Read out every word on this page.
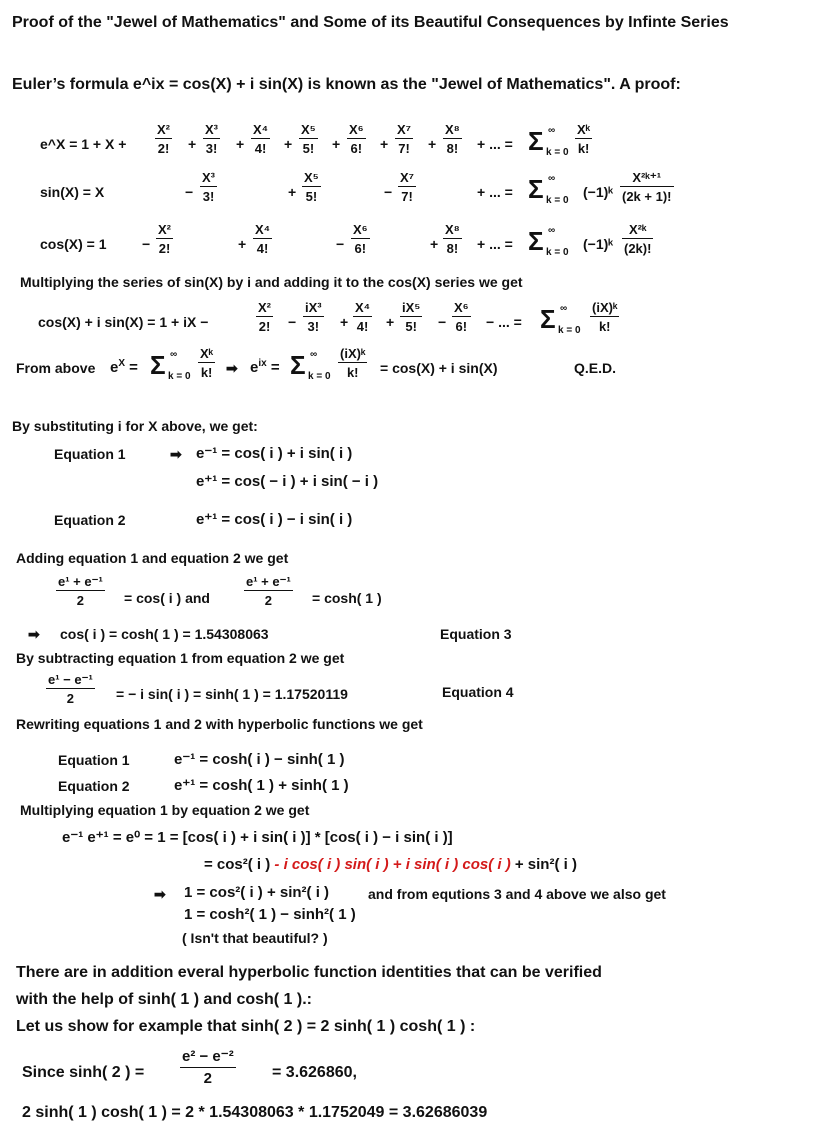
Proof of the "Jewel of Mathematics" and Some of its Beautiful Consequences by Infinte Series
Euler’s formula e^ix = cos(X) + i sin(X) is known as the "Jewel of Mathematics". A proof:
e^X = $1 + X + \frac{\text{X²}}{2!} + \frac{\text{X³}}{3!} + \frac{\text{X⁴}}{4!} + \frac{\text{X⁵}}{5!} + \frac{\text{X⁶}}{6!} + \frac{\text{X⁷}}{7!} + \frac{\text{X⁸}}{8!}$ + ... = Σ ∞
$k = 0 \frac{\text{Xᵏ}}{k!}$
sin(X) = X	− $\frac{\text{X³}}{3!}$	+ $\frac{\text{X⁵}}{5!}$	− $\frac{\text{X⁷}}{7!}$	+ ... = Σ ∞
k = 0
(−1)ᵏ $\frac{\text{X²ᵏ⁺¹}}{(2k + 1)!}$
cos(X) = 1	− $\frac{\text{X²}}{2!}$	+ $\frac{\text{X⁴}}{4!}$	− $\frac{\text{X⁶}}{6!}$	+ $\frac{\text{X⁸}}{8!}$ + ... = Σ ∞
k = 0
(−1)ᵏ $\frac{\text{X²ᵏ}}{(2k)!}$
Multiplying the series of sin(X) by i and adding it to the cos(X) series we get
cos(X) + i sin(X) = 1 + iX −	$\frac{\text{X²}}{2!} - \frac{\text{iX³}}{3!} + \frac{\text{X⁴}}{4!} + \frac{\text{iX⁵}}{5!} - \frac{\text{X⁶}}{6!}$ − ... = Σ ∞
$k = 0 \frac{\text{(iX)ᵏ}}{k!}$
From above $e^X = \Sigma$ ∞
$k = 0 \frac{\text{Xᵏ}}{k!}$ ➡ $e^{ix} = \Sigma$ ∞
$k = 0 \frac{\text{(iX)ᵏ}}{k!} = \cos(X) + i$ sin(X)	Q.E.D.
By substituting i for X above, we get:
Equation 1	➡ e⁻¹ = cos( i ) + i sin( i )
e⁺¹ = cos( − i ) + i sin( − i )
Equation 2	e⁺¹ = cos( i ) − i sin( i )
Adding equation 1 and equation 2 we get
$\frac{\text{e¹ + e⁻¹}}{2} = \cos$( i ) and	$\frac{\text{e¹ + e⁻¹}}{2} = \cosh$( 1 )
➡ cos( i ) = cosh( 1 ) = 1.54308063	Equation 3
By subtracting equation 1 from equation 2 we get
$\frac{\text{e¹ − e⁻¹}}{2}$ = − i sin( i ) = sinh( 1 ) = 1.17520119	Equation 4
Rewriting equations 1 and 2 with hyperbolic functions we get
Equation 1	e⁻¹ = cosh( i ) − sinh( 1 )
Equation 2	e⁺¹ = cosh( 1 ) + sinh( 1 )
Multiplying equation 1 by equation 2 we get
e⁻¹ e⁺¹ = e⁰ = 1 = [cos( i ) + i sin( i )] * [cos( i ) − i sin( i )]
= cos²( i ) - i cos( i ) sin( i ) + i sin( i ) cos( i ) + sin²( i )
➡ 1 = cos²( i ) + sin²( i )	and from equtions 3 and 4 above we also get
1 = cosh²( 1 ) − sinh²( 1 )
( Isn't that beautiful? )
There are in addition everal hyperbolic function identities that can be verified
with the help of sinh( 1 ) and cosh( 1 ).:
Let us show for example that sinh( 2 ) = 2 sinh( 1 ) cosh( 1 ) :
Since sinh( 2 ) = $\frac{\text{e² − e⁻²}}{2} = 3.626860$,
2 sinh( 1 ) cosh( 1 ) = 2 * 1.54308063 * 1.1752049 = 3.62686039
